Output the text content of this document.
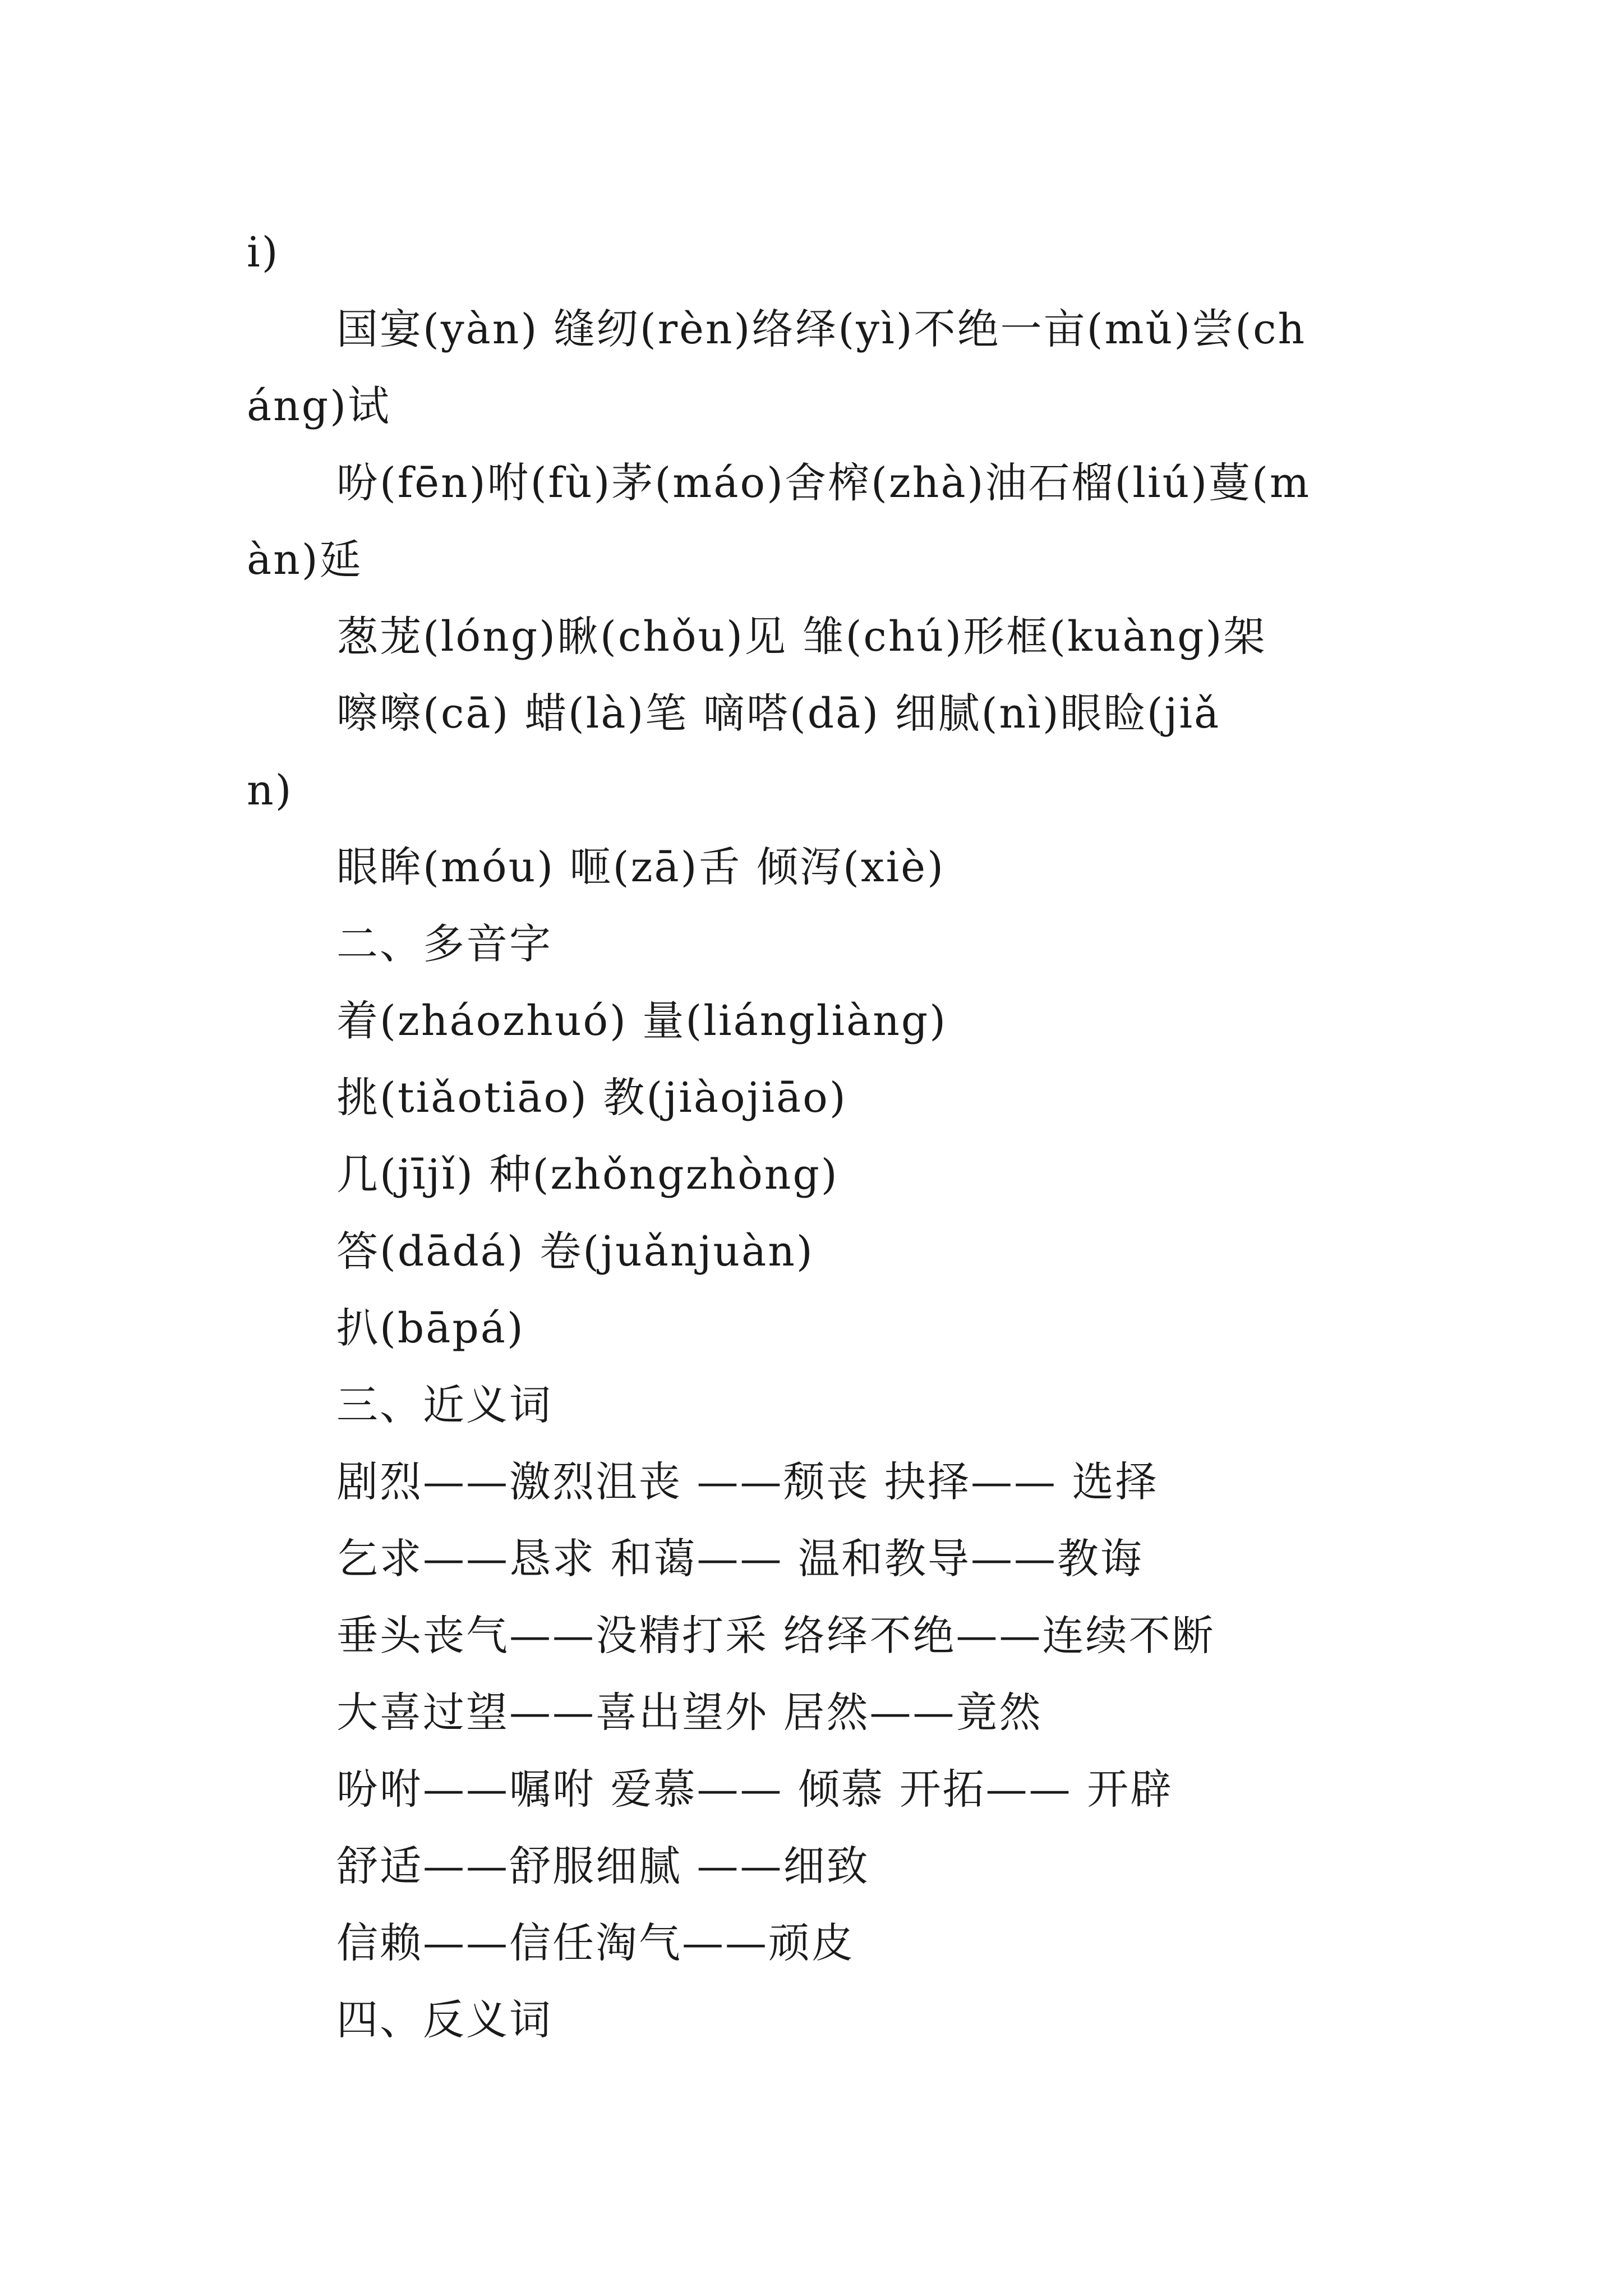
i)
国宴(yàn) 缝纫(rèn)络绎(yì)不绝一亩(mǔ)尝(ch
áng)试
吩(fēn)咐(fù)茅(máo)舍榨(zhà)油石榴(liú)蔓(m
àn)延
葱茏(lóng)瞅(chǒu)见 雏(chú)形框(kuàng)架
嚓嚓(cā) 蜡(là)笔 嘀嗒(dā) 细腻(nì)眼睑(jiǎ
n)
眼眸(móu) 咂(zā)舌 倾泻(xiè)
二、多音字
着(zháozhuó) 量(liángliàng)
挑(tiǎotiāo) 教(jiàojiāo)
几(jījǐ) 种(zhǒngzhòng)
答(dādá) 卷(juǎnjuàn)
扒(bāpá)
三、近义词
剧烈——激烈沮丧 ——颓丧 抉择—— 选择
乞求——恳求 和蔼—— 温和教导——教诲
垂头丧气——没精打采 络绎不绝——连续不断
大喜过望——喜出望外 居然——竟然
吩咐——嘱咐 爱慕—— 倾慕 开拓—— 开辟
舒适——舒服细腻 ——细致
信赖——信任淘气——顽皮
四、反义词
